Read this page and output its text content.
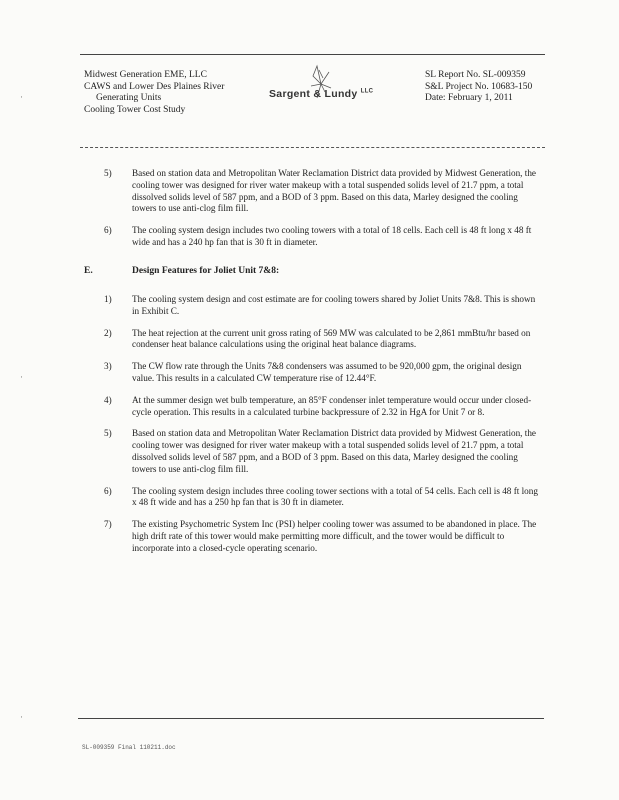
Midwest Generation EME, LLC
CAWS and Lower Des Plaines River
Generating Units
Cooling Tower Cost Study
Sargent & Lundy $^{LLC}$
SL Report No. SL-009359
S&L Project No. 10683-150
Date: February 1, 2011
·
·
·
5) Based on station data and Metropolitan Water Reclamation District data provided by Midwest Generation, the cooling tower was designed for river water makeup with a total suspended solids level of 21.7 ppm, a total dissolved solids level of 587 ppm, and a BOD of 3 ppm. Based on this data, Marley designed the cooling towers to use anti-clog film fill.
6) The cooling system design includes two cooling towers with a total of 18 cells. Each cell is 48 ft long x 48 ft wide and has a 240 hp fan that is 30 ft in diameter.
E.	Design Features for Joliet Unit 7&8:
1) The cooling system design and cost estimate are for cooling towers shared by Joliet Units 7&8. This is shown in Exhibit C.
2) The heat rejection at the current unit gross rating of 569 MW was calculated to be 2,861 mmBtu/hr based on condenser heat balance calculations using the original heat balance diagrams.
3) The CW flow rate through the Units 7&8 condensers was assumed to be 920,000 gpm, the original design value. This results in a calculated CW temperature rise of 12.44°F.
4) At the summer design wet bulb temperature, an 85°F condenser inlet temperature would occur under closed-cycle operation. This results in a calculated turbine backpressure of 2.32 in HgA for Unit 7 or 8.
5) Based on station data and Metropolitan Water Reclamation District data provided by Midwest Generation, the cooling tower was designed for river water makeup with a total suspended solids level of 21.7 ppm, a total dissolved solids level of 587 ppm, and a BOD of 3 ppm. Based on this data, Marley designed the cooling towers to use anti-clog film fill.
6) The cooling system design includes three cooling tower sections with a total of 54 cells. Each cell is 48 ft long x 48 ft wide and has a 250 hp fan that is 30 ft in diameter.
7) The existing Psychometric System Inc (PSI) helper cooling tower was assumed to be abandoned in place. The high drift rate of this tower would make permitting more difficult, and the tower would be difficult to incorporate into a closed-cycle operating scenario.
SL-009359 Final 110211.doc
